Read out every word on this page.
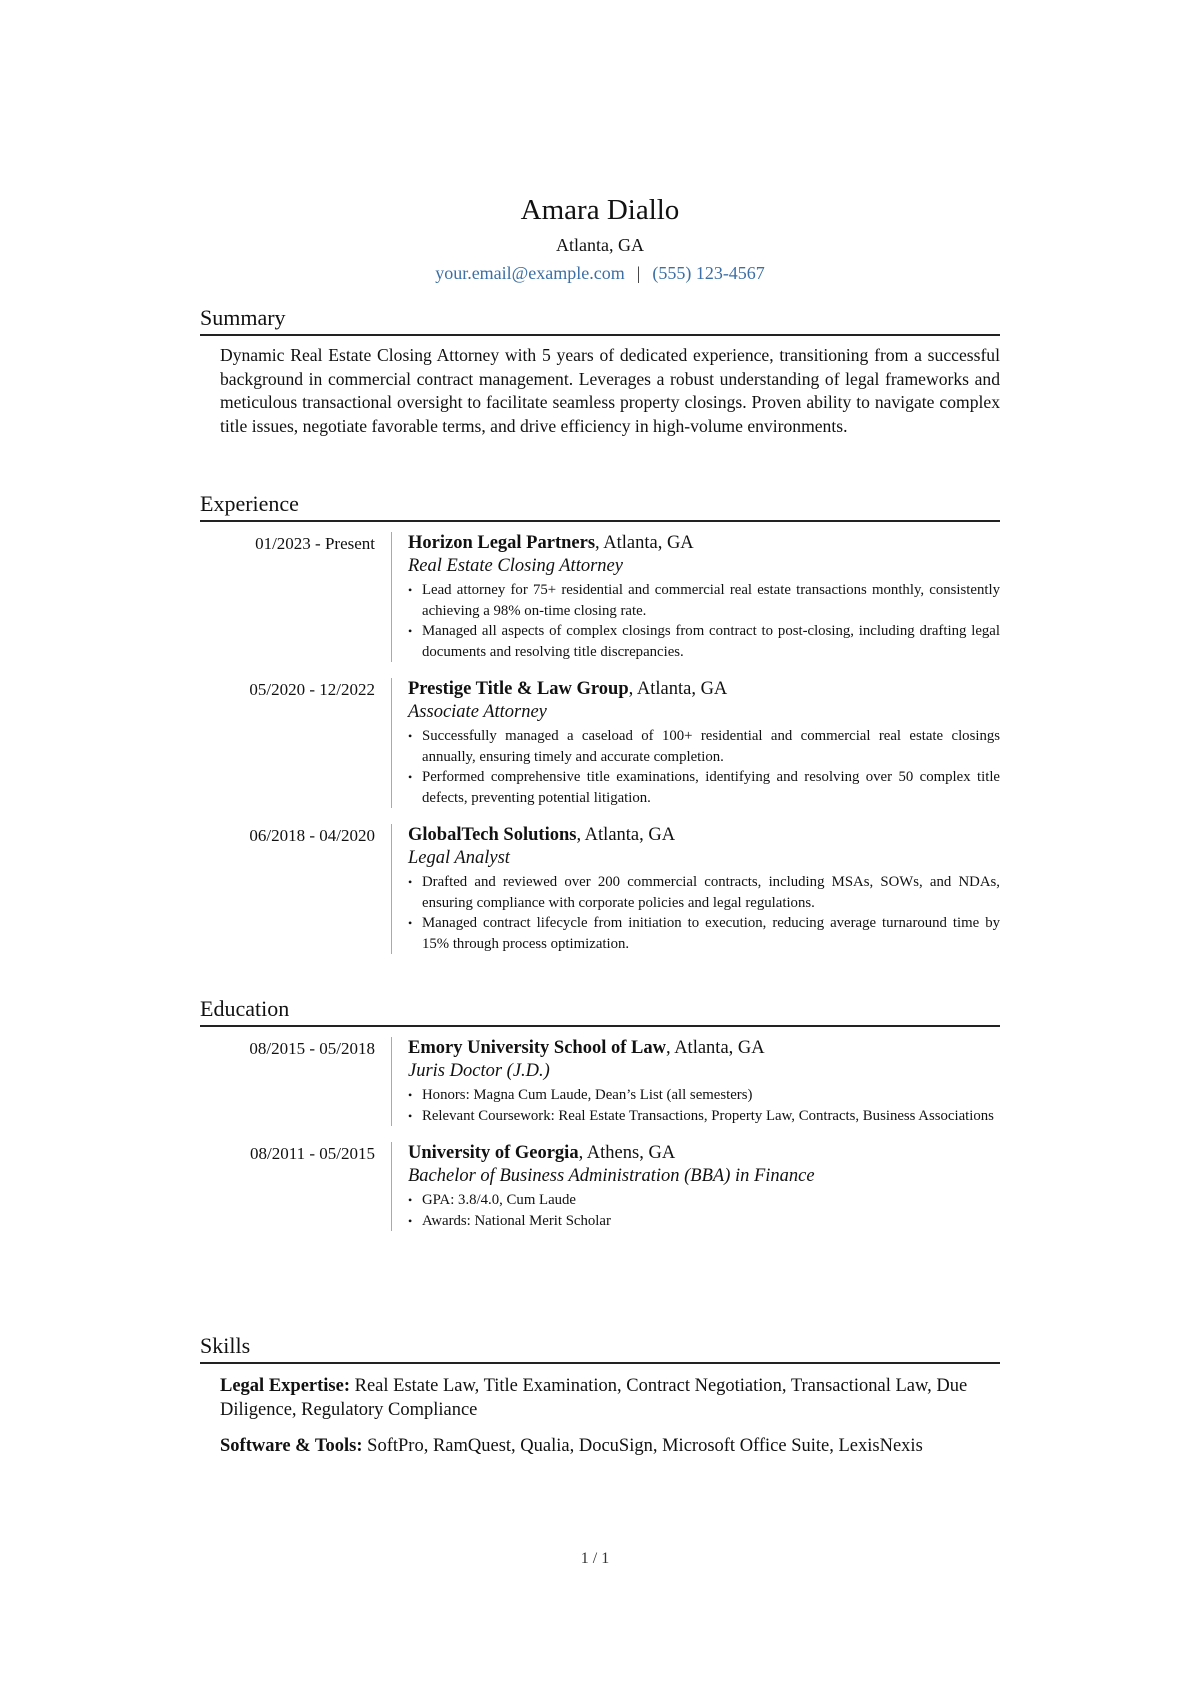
Amara Diallo
Atlanta, GA
your.email@example.com | (555) 123-4567
Summary
Dynamic Real Estate Closing Attorney with 5 years of dedicated experience, transitioning from a successful background in commercial contract management. Leverages a robust understanding of legal frameworks and meticulous transactional oversight to facilitate seamless property closings. Proven ability to navigate complex title issues, negotiate favorable terms, and drive efficiency in high-volume environments.
Experience
01/2023 - Present	Horizon Legal Partners, Atlanta, GA
Real Estate Closing Attorney
• Lead attorney for 75+ residential and commercial real estate transactions monthly, consistently achieving a 98% on-time closing rate.
• Managed all aspects of complex closings from contract to post-closing, including drafting legal documents and resolving title discrepancies.
05/2020 - 12/2022	Prestige Title & Law Group, Atlanta, GA
Associate Attorney
• Successfully managed a caseload of 100+ residential and commercial real estate closings annually, ensuring timely and accurate completion.
• Performed comprehensive title examinations, identifying and resolving over 50 complex title defects, preventing potential litigation.
06/2018 - 04/2020	GlobalTech Solutions, Atlanta, GA
Legal Analyst
• Drafted and reviewed over 200 commercial contracts, including MSAs, SOWs, and NDAs, ensuring compliance with corporate policies and legal regulations.
• Managed contract lifecycle from initiation to execution, reducing average turnaround time by 15% through process optimization.
Education
08/2015 - 05/2018	Emory University School of Law, Atlanta, GA
Juris Doctor (J.D.)
• Honors: Magna Cum Laude, Dean’s List (all semesters)
• Relevant Coursework: Real Estate Transactions, Property Law, Contracts, Business Associations
08/2011 - 05/2015	University of Georgia, Athens, GA
Bachelor of Business Administration (BBA) in Finance
• GPA: 3.8/4.0, Cum Laude
• Awards: National Merit Scholar
Skills
Legal Expertise: Real Estate Law, Title Examination, Contract Negotiation, Transactional Law, Due Diligence, Regulatory Compliance
Software & Tools: SoftPro, RamQuest, Qualia, DocuSign, Microsoft Office Suite, LexisNexis
1 / 1
